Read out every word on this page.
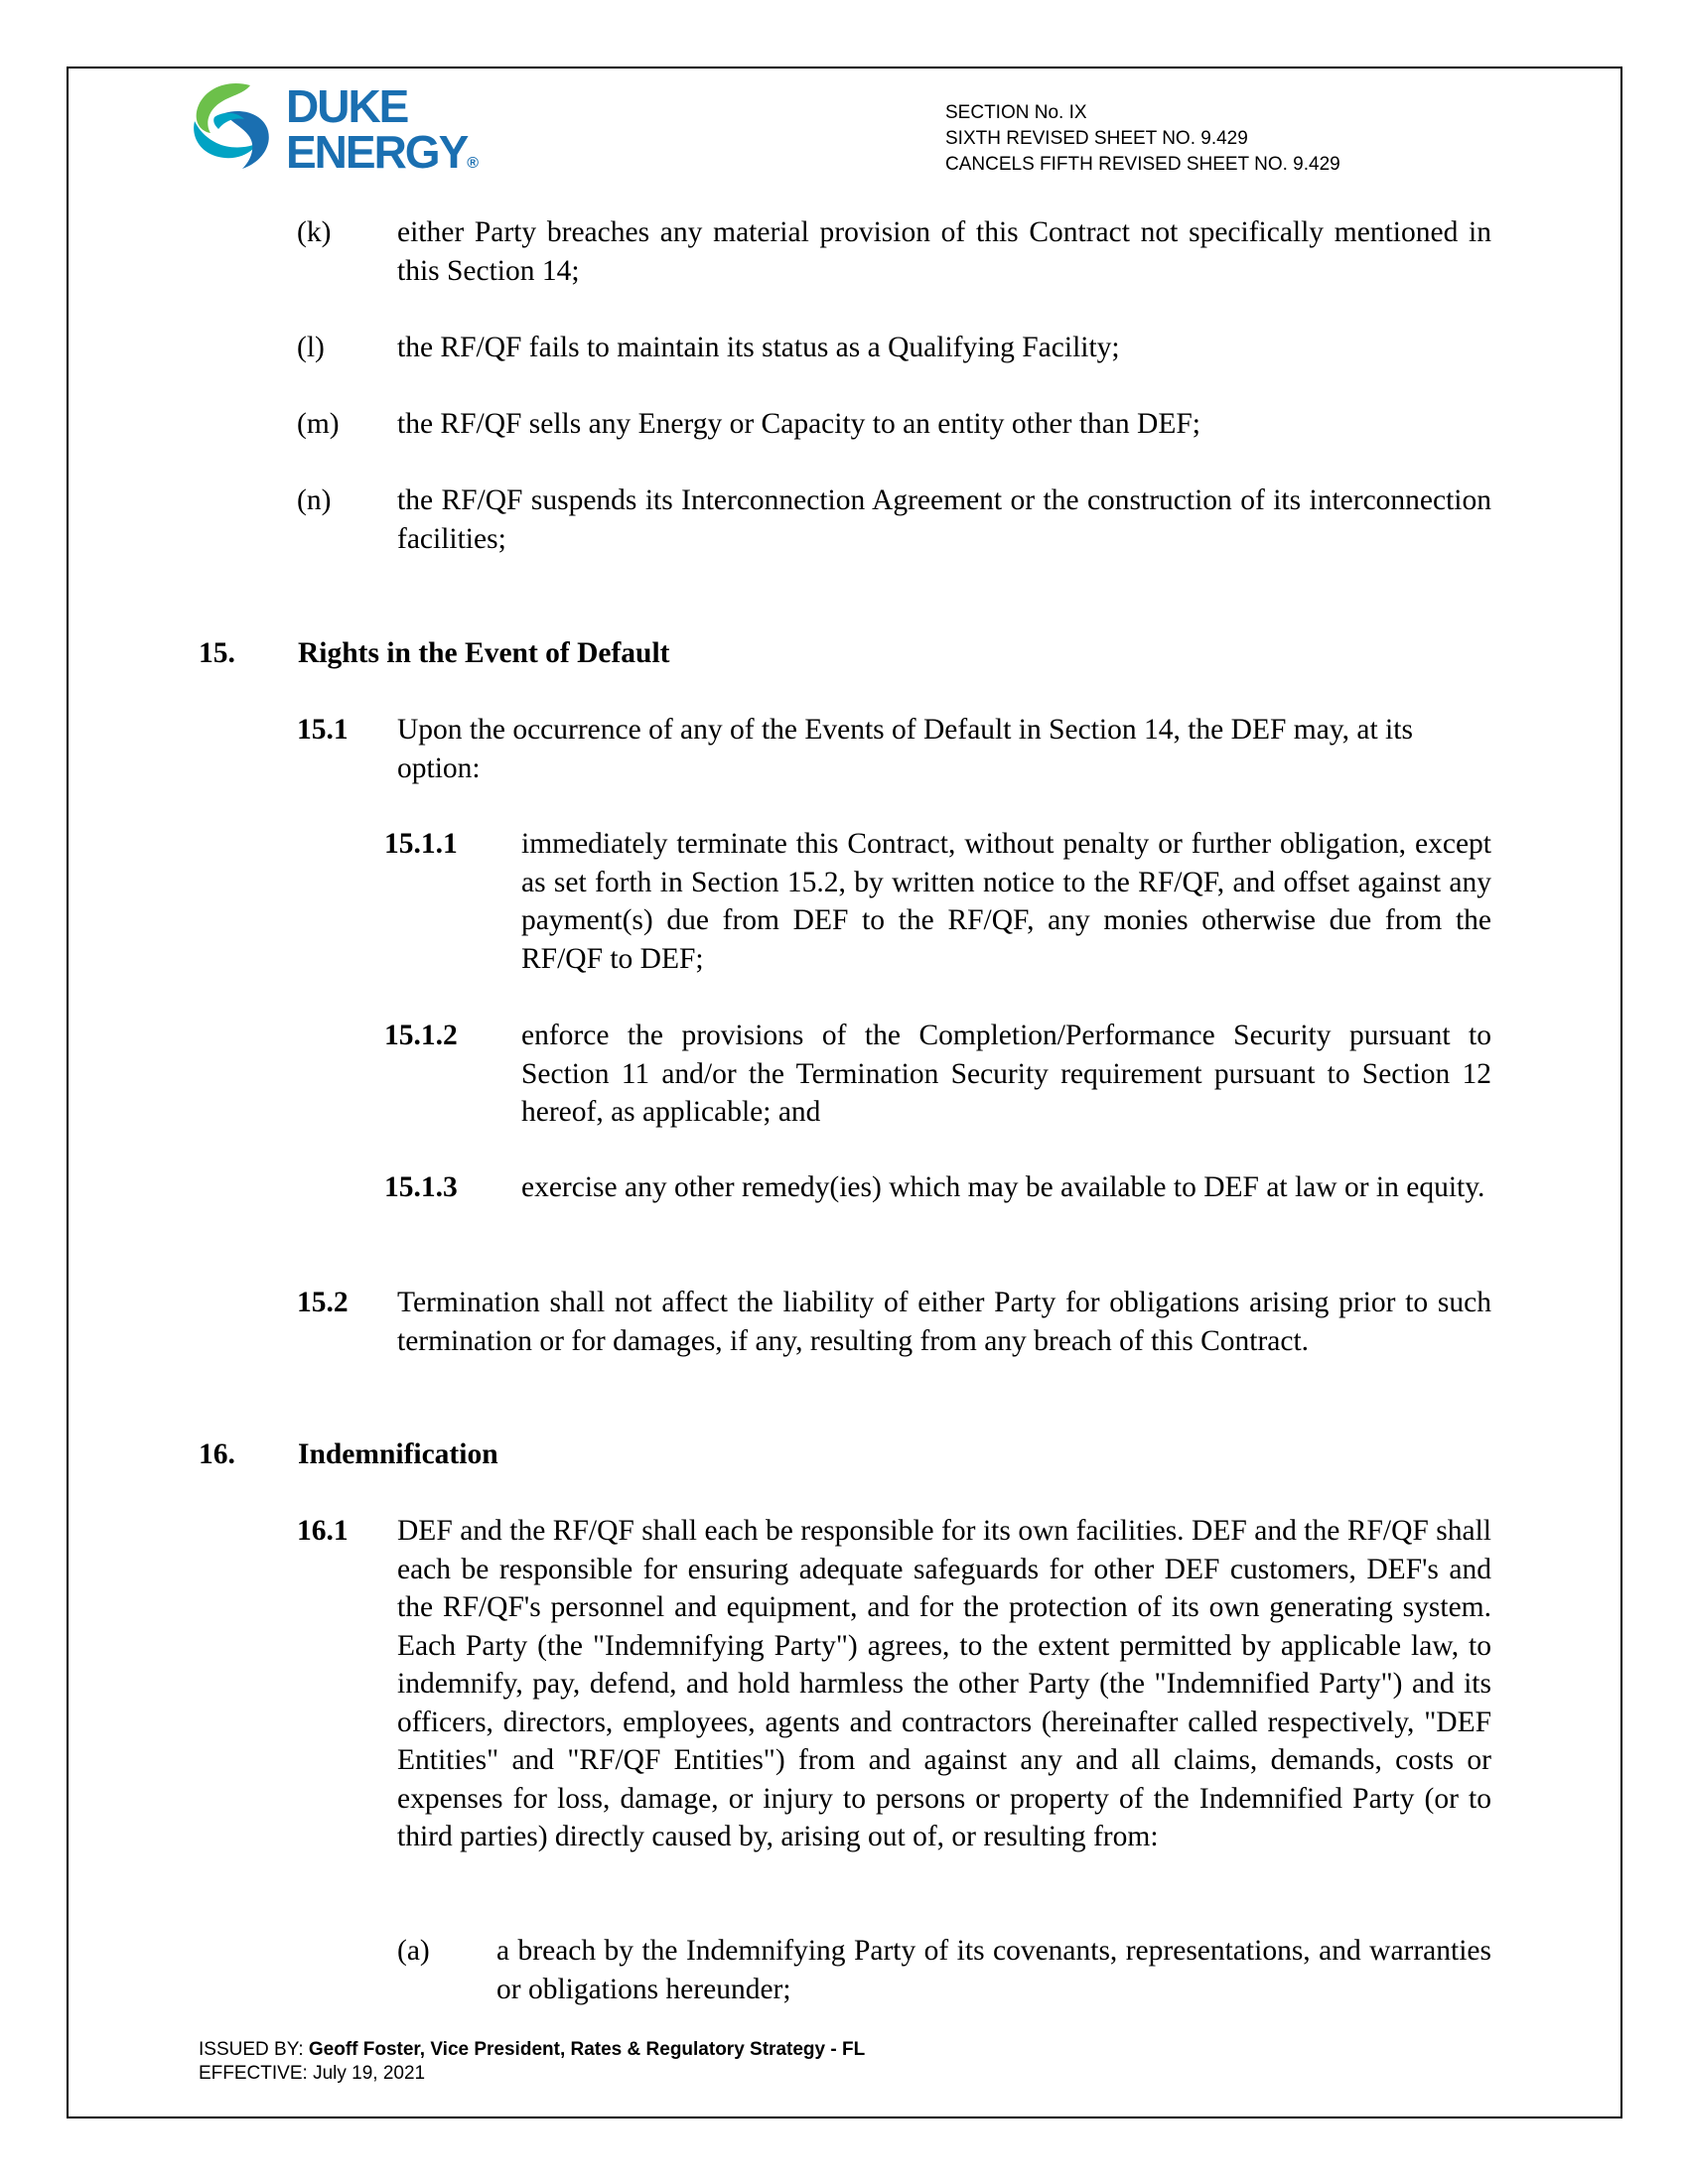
DUKE
ENERGY®
SECTION No. IX
SIXTH REVISED SHEET NO. 9.429
CANCELS FIFTH REVISED SHEET NO. 9.429
(k) either Party breaches any material provision of this Contract not specifically mentioned in this Section 14;
(l) the RF/QF fails to maintain its status as a Qualifying Facility;
(m) the RF/QF sells any Energy or Capacity to an entity other than DEF;
(n) the RF/QF suspends its Interconnection Agreement or the construction of its interconnection facilities;
15. Rights in the Event of Default
15.1 Upon the occurrence of any of the Events of Default in Section 14, the DEF may, at its option:
15.1.1 immediately terminate this Contract, without penalty or further obligation, except as set forth in Section 15.2, by written notice to the RF/QF, and offset against any payment(s) due from DEF to the RF/QF, any monies otherwise due from the RF/QF to DEF;
15.1.2 enforce the provisions of the Completion/Performance Security pursuant to Section 11 and/or the Termination Security requirement pursuant to Section 12 hereof, as applicable; and
15.1.3 exercise any other remedy(ies) which may be available to DEF at law or in equity.
15.2 Termination shall not affect the liability of either Party for obligations arising prior to such termination or for damages, if any, resulting from any breach of this Contract.
16. Indemnification
16.1 DEF and the RF/QF shall each be responsible for its own facilities. DEF and the RF/QF shall each be responsible for ensuring adequate safeguards for other DEF customers, DEF's and the RF/QF's personnel and equipment, and for the protection of its own generating system. Each Party (the "Indemnifying Party") agrees, to the extent permitted by applicable law, to indemnify, pay, defend, and hold harmless the other Party (the "Indemnified Party") and its officers, directors, employees, agents and contractors (hereinafter called respectively, "DEF Entities" and "RF/QF Entities") from and against any and all claims, demands, costs or expenses for loss, damage, or injury to persons or property of the Indemnified Party (or to third parties) directly caused by, arising out of, or resulting from:
(a) a breach by the Indemnifying Party of its covenants, representations, and warranties or obligations hereunder;
ISSUED BY: Geoff Foster, Vice President, Rates & Regulatory Strategy - FL
EFFECTIVE: July 19, 2021
